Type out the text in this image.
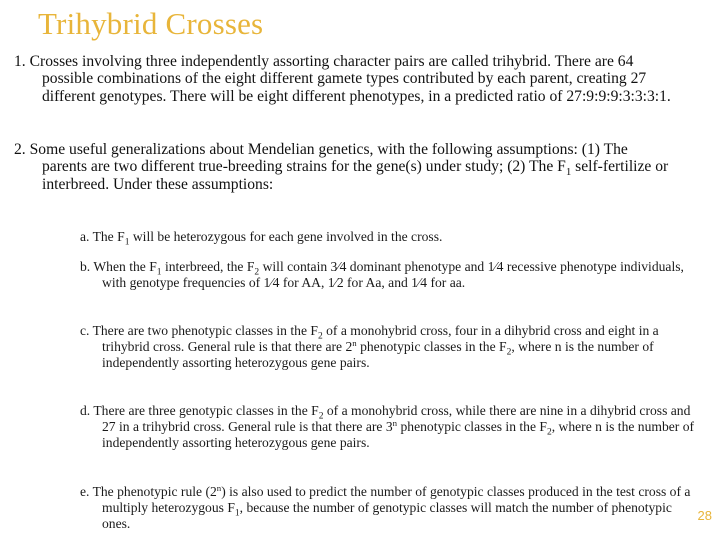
Trihybrid Crosses
1. Crosses involving three independently assorting character pairs are called trihybrid. There are 64 possible combinations of the eight different gamete types contributed by each parent, creating 27 different genotypes. There will be eight different phenotypes, in a predicted ratio of 27:9:9:9:3:3:3:1.
2. Some useful generalizations about Mendelian genetics, with the following assumptions: (1) The parents are two different true-breeding strains for the gene(s) under study; (2) The $F_1$ self-fertilize or interbreed. Under these assumptions:
a. The $F_1$ will be heterozygous for each gene involved in the cross.
b. When the $F_1$ interbreed, the $F_2$ will contain 3⁄4 dominant phenotype and 1⁄4 recessive phenotype individuals, with genotype frequencies of 1⁄4 for AA, 1⁄2 for Aa, and 1⁄4 for aa.
c. There are two phenotypic classes in the $F_2$ of a monohybrid cross, four in a dihybrid cross and eight in a trihybrid cross. General rule is that there are 2$^n$ phenotypic classes in the $F_2$, where n is the number of independently assorting heterozygous gene pairs.
d. There are three genotypic classes in the $F_2$ of a monohybrid cross, while there are nine in a dihybrid cross and 27 in a trihybrid cross. General rule is that there are 3$^n$ phenotypic classes in the $F_2$, where n is the number of independently assorting heterozygous gene pairs.
e. The phenotypic rule (2$^n$) is also used to predict the number of genotypic classes produced in the test cross of a multiply heterozygous $F_1$, because the number of genotypic classes will match the number of phenotypic ones.
28
